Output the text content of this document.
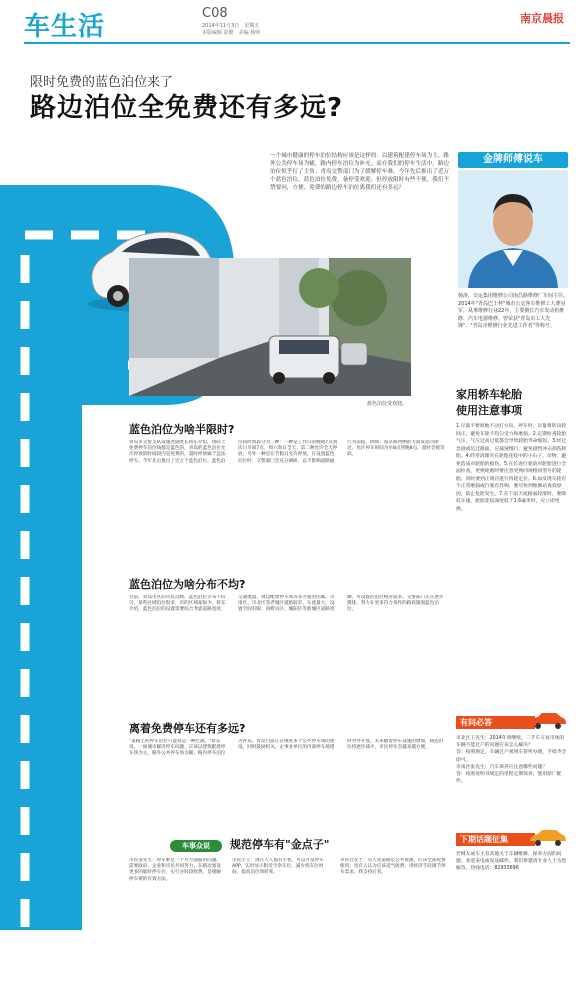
车生活	C08
2014年11月3日　星期五
本版编辑 彭健　美编 杨帅
南京晨报
限时免费的蓝色泊位来了
路边泊位全免费还有多远?
一个城市健康的停车泊位结构应该是这样的：以建筑配建停车场为主，路外公共停车场为辅，路内停车泊位为补充。而在我们的停车生活中，路边泊位似乎扛了主角。青岛交警部门为了缓解停车难，今年先后推出了近万个蓝色泊位，蓝色泊位免费，备停受欢迎。但停放限时有些不便，我们不禁要问，方便、免费的路边停车泊位离我们还有多远？
蓝色泊位受欢迎。
金牌师傅说车
杨涛，交运集团维修公司南昌路维修厂车间主任。2014年"青岛巴士杯"城市公交客车维修工大赛冠军，从事维修行业22年，主要擅长汽车发动机维修、汽车电器维修。曾荣获"青岛市工人先锋"、"青岛市维修行业先进工作者"等称号。
家用轿车轮胎
使用注意事项
1.尽量不要原地不动打方向，停车时，尽量将转向轮回正，避免车轮不均匀受力和磨损。2.定期检查轮胎气压，气压过高过低都会导致轮胎寿命缩短。3.经过急剧或坑洼路面，应减速慢行，避免剧烈冲击损伤轮胎。4.经常清理夹在轮胎花纹中的小石子、杂物，避免造成对轮胎的损伤。5.在长途行驶前对轮胎进行全面检查，更换轮胎时要注意更换同规格同型号的轮胎，同时要到正规店进行四轮定位。6.如发现车轮有不正常磨损或行驶有异响，要尽快到维修站查找原因，防止危险发生。7.在下雨天或路面较滑时，要降低车速，轮胎花纹深度低于1.6毫米时，应立即更换。
蓝色泊位为啥半限时?
青岛市交警支队设施处副处长蒋东介绍，国际上免费停车泊位线都是蓝色的，青岛的蓝色泊位允许停放的时间段内是免费的，超时停放属于违法停车。今年先后推出了近万个蓝色泊位。蓝色泊位按时间段分为三种：一种是工作日的晚间7点到次日早间7点，周六周日全天；第二种允许全天停放；另外一种是在节假日允许停放。在设置蓝色泊位时，交警部门会充分调研，以不影响道路通行为前提。例如：南京路西侧的大润发超市附近，允许停车时间为早8点到晚8点，超时会被罚款。
蓝色泊位为啥分布不均?
目前，青岛市区的市民反映，蓝色泊位分布不均匀，某些区域泊位很多，有的区域却很少。蒋东介绍，蓝色泊位的设置需要综合考虑道路宽度、交通流量、周边配建停车场等多方面的因素。市南区、市北区等老城区道路较窄，车流量大，设置空间有限；而崂山区、城阳区等新城区道路宽阔，可设置的泊位相对较多。交警部门正在逐步摸排，努力在更多符合条件的路段施划蓝色泊位。
离着免费停车还有多远?
"道路上的停车泊位只能说是一种过渡。"蒋东说，一座城市解决停车问题，应该以建筑配建停车场为主，路外公共停车场为辅，路内停车泊位为补充。青岛目前正在推进多个公共停车场的建设，同时鼓励机关、企事业单位的内部停车场错时对外开放。未来随着停车设施的增加，路边泊位将逐步减少，市民停车会越来越方便。
有问必答
市北区王先生：2014年将继续，二手车交易市场的车辆不能过户的问题应该怎么解决？
答：按照规定，车辆过户须到车管所办理，手续齐全即可。
市南区张先生：汽车保养应注意哪些问题？
答：按照说明书规定的里程定期保养，使用原厂配件。
下期话题征集
若网友或车主有其他关于车辆维修、保养方面的问题，欢迎来电或发送邮件，我们将邀请专业人士为您解答。热线电话：82933696
车事众说	规范停车有"金点子"
市民姜先生：停车难是一个方方面面的问题，需要政府、企业和市民共同努力。在路边划设更多的临时停车位，实行分时段收费，是缓解停车难的有效方法。
市民小王：现在人人都有手机，可以开发停车APP，实时显示附近空余车位，减少找车位时间，提高泊位周转率。
市民白女士：有人说道路是公共资源，应该全部免费使用；也有人认为应该适当收费，用经济手段调节停车需求，我支持后者。
